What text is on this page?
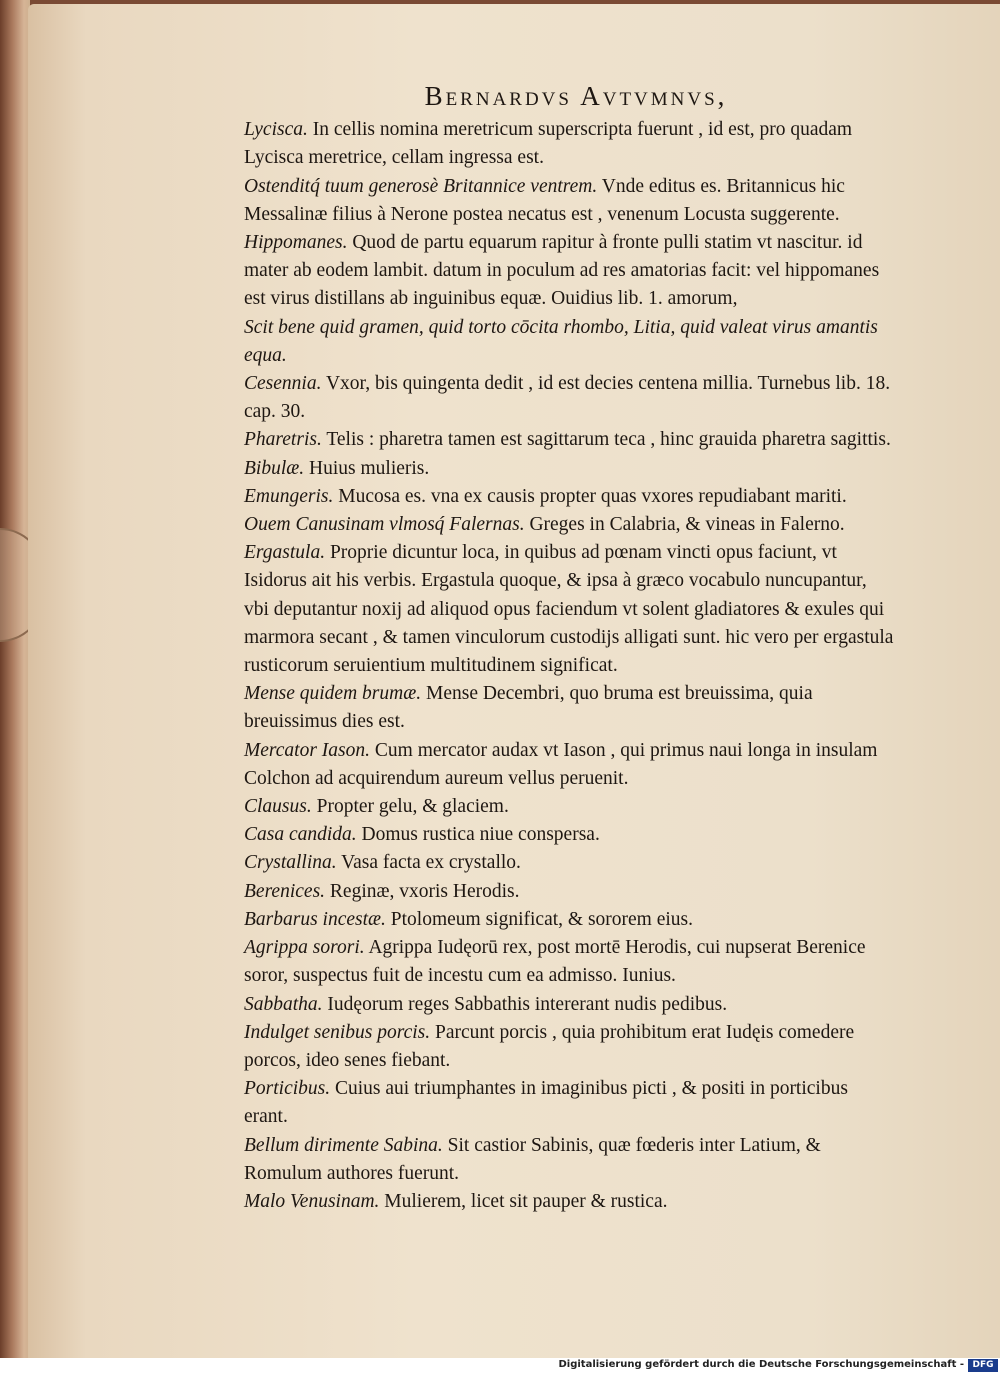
Bernardvs Avtvmnvs,

Lycisca. In cellis nomina meretricum superscripta fuerunt , id est, pro quadam Lycisca meretrice, cellam ingressa est.

Ostenditq́ tuum generosè Britannice ventrem. Vnde editus es. Britannicus hic Messalinæ filius à Nerone postea necatus est , venenum Locusta suggerente.

Hippomanes. Quod de partu equarum rapitur à fronte pulli statim vt nascitur. id mater ab eodem lambit. datum in poculum ad res amatorias facit: vel hippomanes est virus distillans ab inguinibus equæ. Ouidius lib. 1. amorum,

Scit bene quid gramen, quid torto cōcita rhombo, Litia, quid valeat virus amantis equa.

Cesennia. Vxor, bis quingenta dedit , id est decies centena millia. Turnebus lib. 18. cap. 30.

Pharetris. Telis : pharetra tamen est sagittarum teca , hinc grauida pharetra sagittis.

Bibulæ. Huius mulieris.

Emungeris. Mucosa es. vna ex causis propter quas vxores repudiabant mariti.

Ouem Canusinam vlmosq́ Falernas. Greges in Calabria, & vineas in Falerno.

Ergastula. Proprie dicuntur loca, in quibus ad pœnam vincti opus faciunt, vt Isidorus ait his verbis. Ergastula quoque, & ipsa à græco vocabulo nuncupantur, vbi deputantur noxij ad aliquod opus faciendum vt solent gladiatores & exules qui marmora secant , & tamen vinculorum custodijs alligati sunt. hic vero per ergastula rusticorum seruientium multitudinem significat.

Mense quidem brumæ. Mense Decembri, quo bruma est breuissima, quia breuissimus dies est.

Mercator Iason. Cum mercator audax vt Iason , qui primus naui longa in insulam Colchon ad acquirendum aureum vellus peruenit.

Clausus. Propter gelu, & glaciem.

Casa candida. Domus rustica niue conspersa.

Crystallina. Vasa facta ex crystallo.

Berenices. Reginæ, vxoris Herodis.

Barbarus incestæ. Ptolomeum significat, & sororem eius.

Agrippa sorori. Agrippa Iudęorū rex, post mortē Herodis, cui nupserat Berenice soror, suspectus fuit de incestu cum ea admisso. Iunius.

Sabbatha. Iudęorum reges Sabbathis intererant nudis pedibus.

Indulget senibus porcis. Parcunt porcis , quia prohibitum erat Iudęis comedere porcos, ideo senes fiebant.

Porticibus. Cuius aui triumphantes in imaginibus picti , & positi in porticibus erant.

Bellum dirimente Sabina. Sit castior Sabinis, quæ fœderis inter Latium, & Romulum authores fuerunt.

Malo Venusinam. Mulierem, licet sit pauper & rustica.

Digitalisierung gefördert durch die Deutsche Forschungsgemeinschaft - DFG
